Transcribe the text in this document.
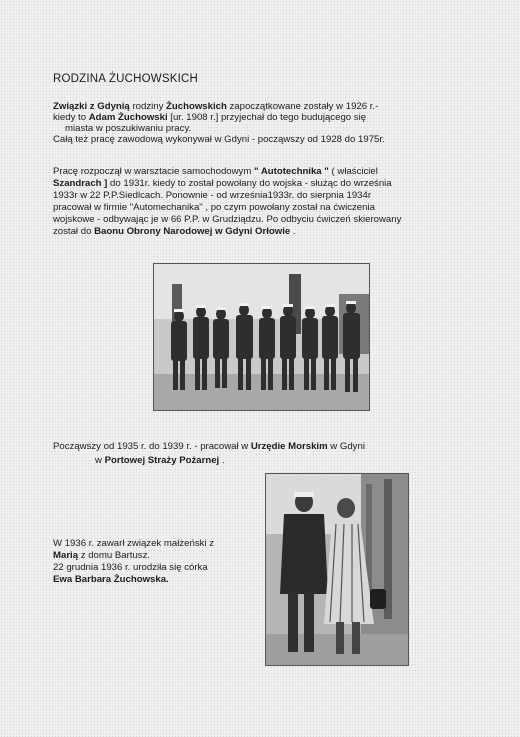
RODZINA ŻUCHOWSKICH
Związki z Gdynią rodziny Żuchowskich zapoczątkowane zostały w 1926 r.-
kiedy to Adam Żuchowski [ur. 1908 r.] przyjechał do tego budującego się
miasta w poszukiwaniu pracy.
Całą też pracę zawodową wykonywał w Gdyni - począwszy od 1928 do 1975r.
Pracę rozpoczął w warsztacie samochodowym " Autotechnika " ( właściciel
Szandrach ] do 1931r. kiedy to został powołany do wojska - służąc do września
1933r w 22 P.P.Siedlcach. Ponownie - od września1933r. do sierpnia 1934r
pracował w firmie "Automechanika" , po czym powołany został na ćwiczenia
wojskowe - odbywając je w 66 P.P. w Grudziądzu. Po odbyciu ćwiczeń skierowany
został do Baonu Obrony Narodowej w Gdyni Orłowie .
Począwszy od 1935 r. do 1939 r. - pracował w Urzędie Morskim w Gdyni
w Portowej Straży Pożarnej .
W 1936 r. zawarł związek małżeński z
Marią z domu Bartusz.
22 grudnia 1936 r. urodziła się córka
Ewa Barbara Żuchowska.
